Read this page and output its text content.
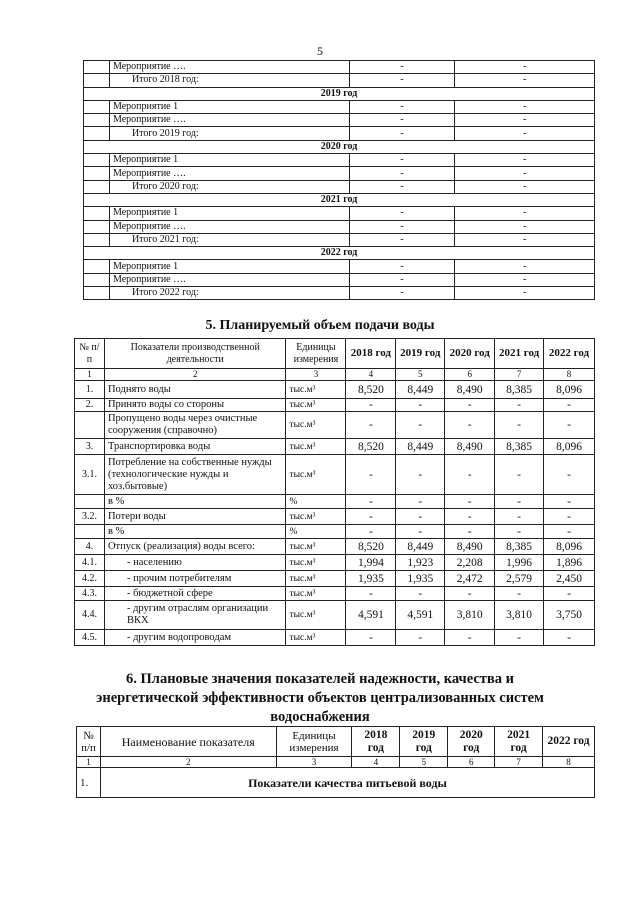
5
	Мероприятие ….	-	-
	Итого 2018 год:	-	-
2019 год			
	Мероприятие 1	-	-
	Мероприятие ….	-	-
	Итого 2019 год:	-	-
2020 год			
	Мероприятие 1	-	-
	Мероприятие ….	-	-
	Итого 2020 год:	-	-
2021 год			
	Мероприятие 1	-	-
	Мероприятие ….	-	-
	Итого 2021 год:	-	-
2022 год			
	Мероприятие 1	-	-
	Мероприятие ….	-	-
	Итого 2022 год:	-	-
5. Планируемый объем подачи воды
№ п/п	Показатели производственной деятельности	Единицы измерения	2018 год	2019 год	2020 год	2021 год	2022 год
1	2	3	4	5	6	7	8
1.	Поднято воды	тыс.м³	8,520	8,449	8,490	8,385	8,096
2.	Принято воды со стороны	тыс.м³	-	-	-	-	-
	Пропущено воды через очистные сооружения (справочно)	тыс.м³	-	-	-	-	-
3.	Транспортировка воды	тыс.м³	8,520	8,449	8,490	8,385	8,096
3.1.	Потребление на собственные нужды (технологические нужды и хоз.бытовые)	тыс.м³	-	-	-	-	-
	в %	%	-	-	-	-	-
3.2.	Потери воды	тыс.м³	-	-	-	-	-
	в %	%	-	-	-	-	-
4.	Отпуск (реализация) воды всего:	тыс.м³	8,520	8,449	8,490	8,385	8,096
4.1.	- населению	тыс.м³	1,994	1,923	2,208	1,996	1,896
4.2.	- прочим потребителям	тыс.м³	1,935	1,935	2,472	2,579	2,450
4.3.	- бюджетной сфере	тыс.м³	-	-	-	-	-
4.4.	- другим отраслям организации ВКХ	тыс.м³	4,591	4,591	3,810	3,810	3,750
4.5.	- другим водопроводам	тыс.м³	-	-	-	-	-
6. Плановые значения показателей надежности, качества и
энергетической эффективности объектов централизованных систем
водоснабжения
№ п/п	Наименование показателя	Единицы измерения	2018 год	2019 год	2020 год	2021 год	2022 год
1	2	3	4	5	6	7	8
1.	Показатели качества питьевой воды						
